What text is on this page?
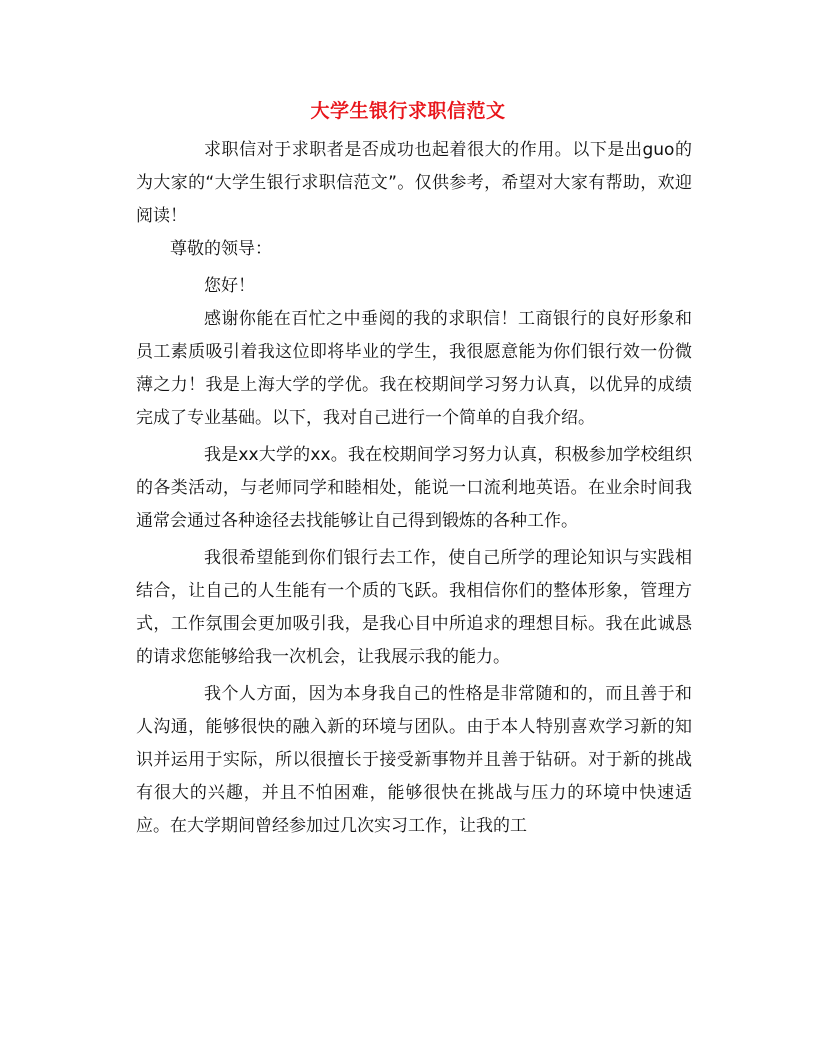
大学生银行求职信范文

求职信对于求职者是否成功也起着很大的作用。以下是出guo的为大家的“大学生银行求职信范文”。仅供参考，希望对大家有帮助，欢迎阅读！

尊敬的领导：

您好！

感谢你能在百忙之中垂阅的我的求职信！工商银行的良好形象和员工素质吸引着我这位即将毕业的学生，我很愿意能为你们银行效一份微薄之力！我是上海大学的学优。我在校期间学习努力认真，以优异的成绩完成了专业基础。以下，我对自己进行一个简单的自我介绍。

我是xx大学的xx。我在校期间学习努力认真，积极参加学校组织的各类活动，与老师同学和睦相处，能说一口流利地英语。在业余时间我通常会通过各种途径去找能够让自己得到锻炼的各种工作。

我很希望能到你们银行去工作，使自己所学的理论知识与实践相结合，让自己的人生能有一个质的飞跃。我相信你们的整体形象，管理方式，工作氛围会更加吸引我，是我心目中所追求的理想目标。我在此诚恳的请求您能够给我一次机会，让我展示我的能力。

我个人方面，因为本身我自己的性格是非常随和的，而且善于和人沟通，能够很快的融入新的环境与团队。由于本人特别喜欢学习新的知识并运用于实际，所以很擅长于接受新事物并且善于钻研。对于新的挑战有很大的兴趣，并且不怕困难，能够很快在挑战与压力的环境中快速适应。在大学期间曾经参加过几次实习工作，让我的工
